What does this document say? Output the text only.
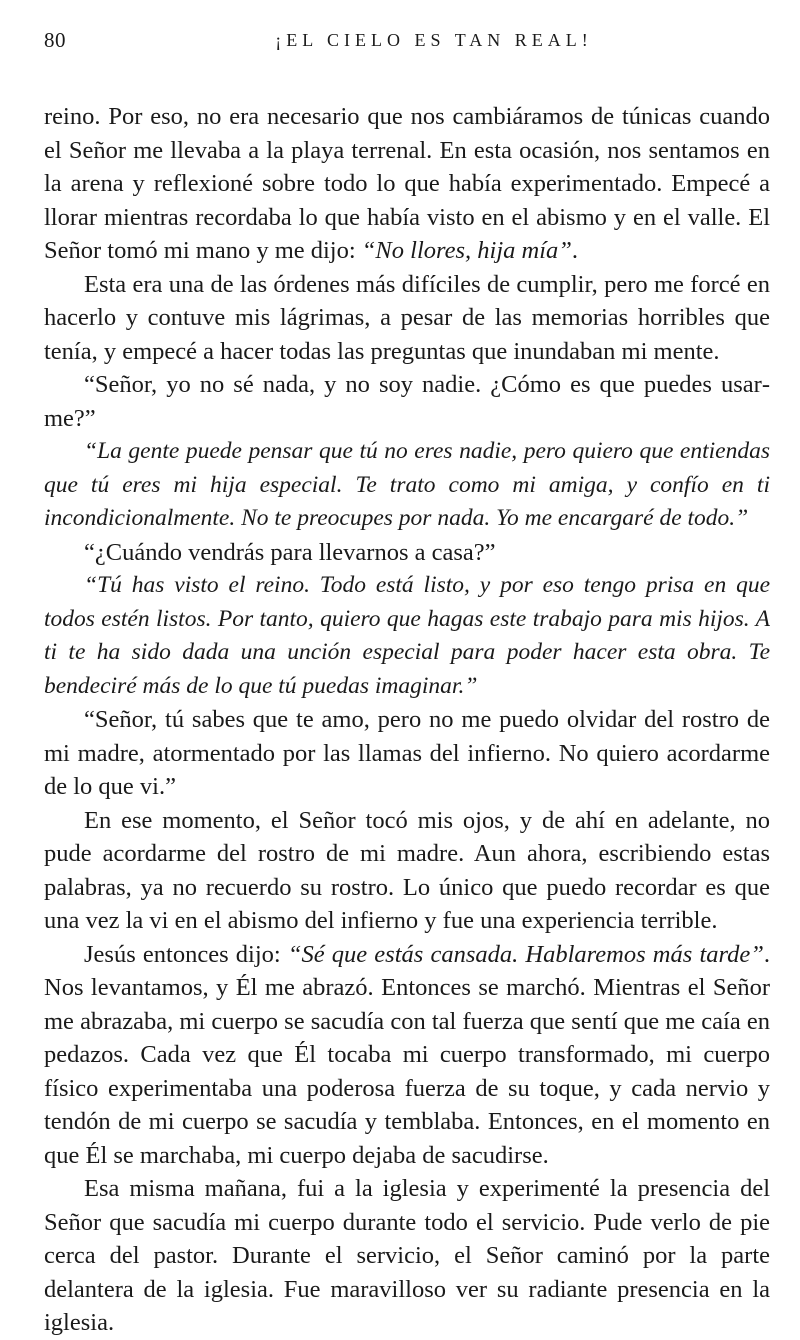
80	¡EL CIELO ES TAN REAL!

reino. Por eso, no era necesario que nos cambiáramos de túnicas cuando el Señor me llevaba a la playa terrenal. En esta ocasión, nos sentamos en la arena y reflexioné sobre todo lo que había experimentado. Empecé a llorar mientras recordaba lo que había visto en el abismo y en el valle. El Señor tomó mi mano y me dijo: “No llores, hija mía”.

Esta era una de las órdenes más difíciles de cumplir, pero me forcé en hacerlo y contuve mis lágrimas, a pesar de las memorias horribles que tenía, y empecé a hacer todas las preguntas que inundaban mi mente.

“Señor, yo no sé nada, y no soy nadie. ¿Cómo es que puedes usarme?”

“La gente puede pensar que tú no eres nadie, pero quiero que entiendas que tú eres mi hija especial. Te trato como mi amiga, y confío en ti incondicionalmente. No te preocupes por nada. Yo me encargaré de todo.”

“¿Cuándo vendrás para llevarnos a casa?”

“Tú has visto el reino. Todo está listo, y por eso tengo prisa en que todos estén listos. Por tanto, quiero que hagas este trabajo para mis hijos. A ti te ha sido dada una unción especial para poder hacer esta obra. Te bendeciré más de lo que tú puedas imaginar.”

“Señor, tú sabes que te amo, pero no me puedo olvidar del rostro de mi madre, atormentado por las llamas del infierno. No quiero acordarme de lo que vi.”

En ese momento, el Señor tocó mis ojos, y de ahí en adelante, no pude acordarme del rostro de mi madre. Aun ahora, escribiendo estas palabras, ya no recuerdo su rostro. Lo único que puedo recordar es que una vez la vi en el abismo del infierno y fue una experiencia terrible.

Jesús entonces dijo: “Sé que estás cansada. Hablaremos más tarde”. Nos levantamos, y Él me abrazó. Entonces se marchó. Mientras el Señor me abrazaba, mi cuerpo se sacudía con tal fuerza que sentí que me caía en pedazos. Cada vez que Él tocaba mi cuerpo transformado, mi cuerpo físico experimentaba una poderosa fuerza de su toque, y cada nervio y tendón de mi cuerpo se sacudía y temblaba. Entonces, en el momento en que Él se marchaba, mi cuerpo dejaba de sacudirse.

Esa misma mañana, fui a la iglesia y experimenté la presencia del Señor que sacudía mi cuerpo durante todo el servicio. Pude verlo de pie cerca del pastor. Durante el servicio, el Señor caminó por la parte delantera de la iglesia. Fue maravilloso ver su radiante presencia en la iglesia.
